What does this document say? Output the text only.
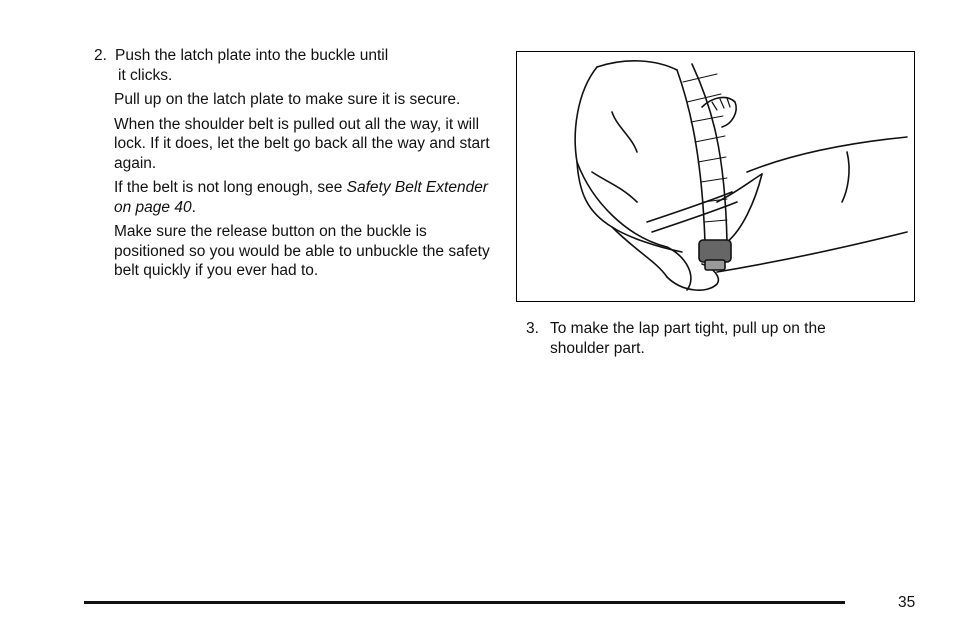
2. Push the latch plate into the buckle until
it clicks.

Pull up on the latch plate to make sure it is secure.

When the shoulder belt is pulled out all the way, it will lock. If it does, let the belt go back all the way and start again.

If the belt is not long enough, see Safety Belt Extender on page 40.

Make sure the release button on the buckle is positioned so you would be able to unbuckle the safety belt quickly if you ever had to.

3. To make the lap part tight, pull up on the shoulder part.
35
